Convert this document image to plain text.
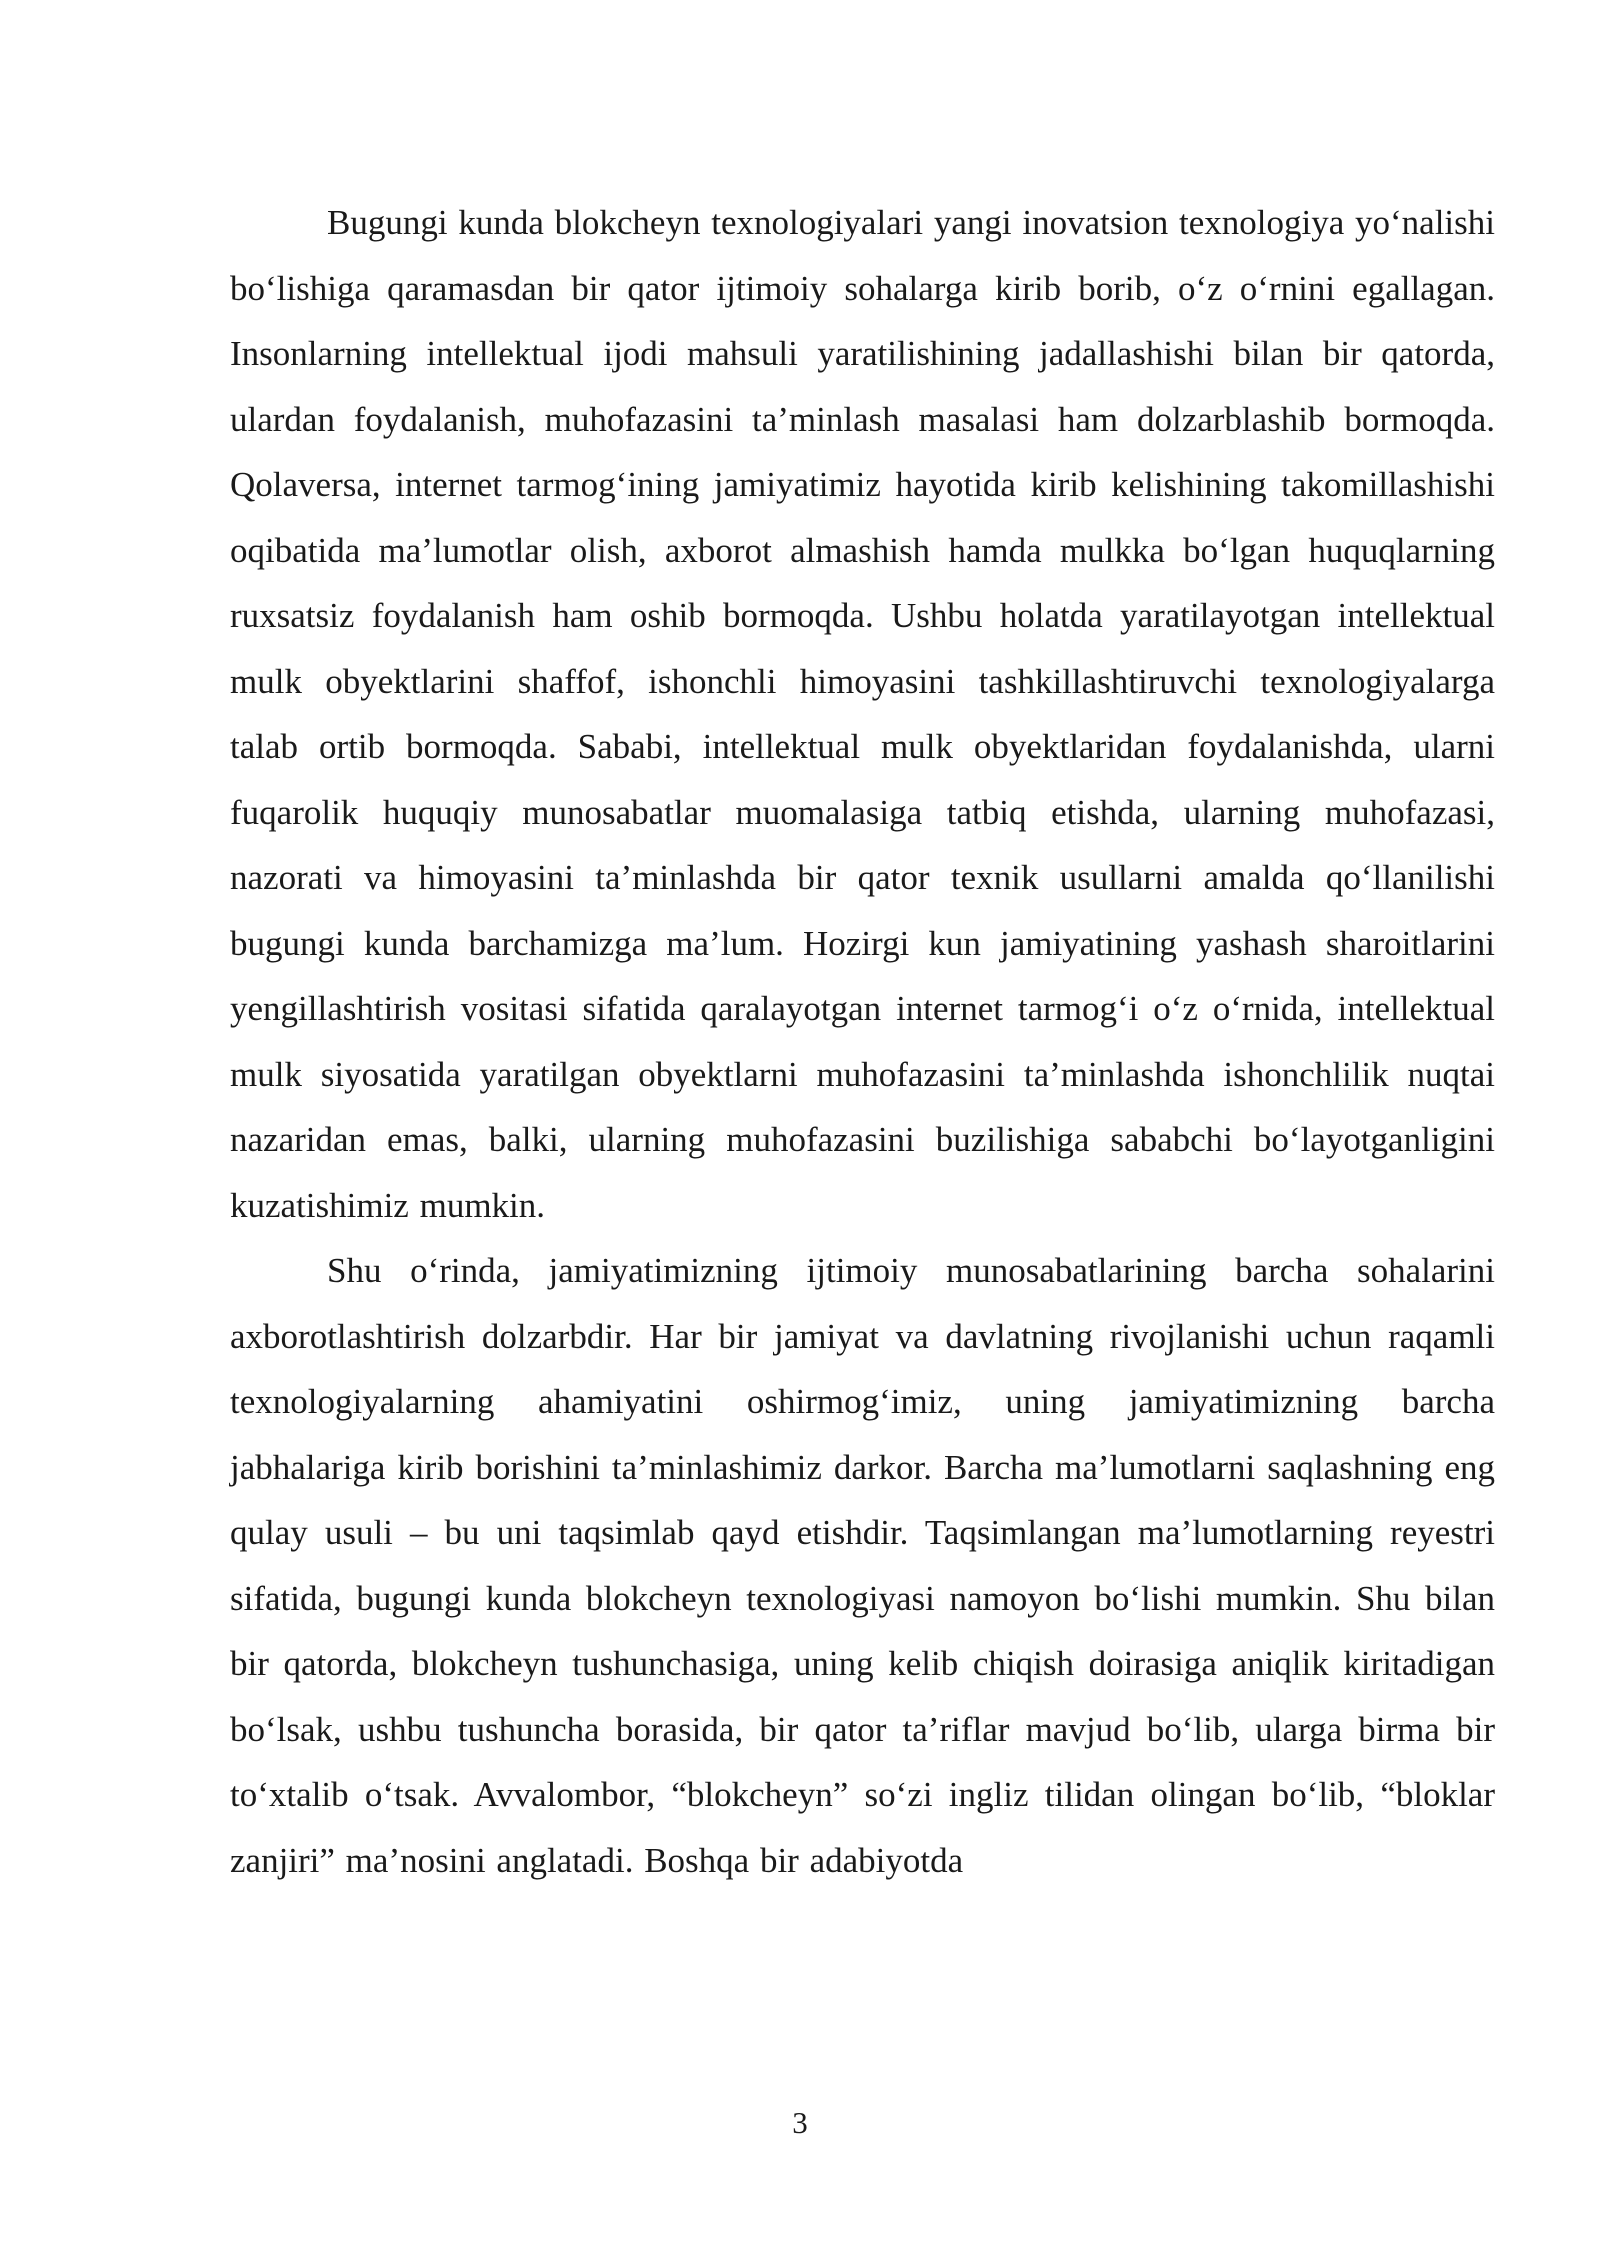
Bugungi kunda blokcheyn texnologiyalari yangi inovatsion texnologiya yo‘nalishi bo‘lishiga qaramasdan bir qator ijtimoiy sohalarga kirib borib, o‘z o‘rnini egallagan. Insonlarning intellektual ijodi mahsuli yaratilishining jadallashishi bilan bir qatorda, ulardan foydalanish, muhofazasini ta’minlash masalasi ham dolzarblashib bormoqda. Qolaversa, internet tarmog‘ining jamiyatimiz hayotida kirib kelishining takomillashishi oqibatida ma’lumotlar olish, axborot almashish hamda mulkka bo‘lgan huquqlarning ruxsatsiz foydalanish ham oshib bormoqda. Ushbu holatda yaratilayotgan intellektual mulk obyektlarini shaffof, ishonchli himoyasini tashkillashtiruvchi texnologiyalarga talab ortib bormoqda. Sababi, intellektual mulk obyektlaridan foydalanishda, ularni fuqarolik huquqiy munosabatlar muomalasiga tatbiq etishda, ularning muhofazasi, nazorati va himoyasini ta’minlashda bir qator texnik usullarni amalda qo‘llanilishi bugungi kunda barchamizga ma’lum. Hozirgi kun jamiyatining yashash sharoitlarini yengillashtirish vositasi sifatida qaralayotgan internet tarmog‘i o‘z o‘rnida, intellektual mulk siyosatida yaratilgan obyektlarni muhofazasini ta’minlashda ishonchlilik nuqtai nazaridan emas, balki, ularning muhofazasini buzilishiga sababchi bo‘layotganligini kuzatishimiz mumkin.

Shu o‘rinda, jamiyatimizning ijtimoiy munosabatlarining barcha sohalarini axborotlashtirish dolzarbdir. Har bir jamiyat va davlatning rivojlanishi uchun raqamli texnologiyalarning ahamiyatini oshirmog‘imiz, uning jamiyatimizning barcha jabhalariga kirib borishini ta’minlashimiz darkor. Barcha ma’lumotlarni saqlashning eng qulay usuli – bu uni taqsimlab qayd etishdir. Taqsimlangan ma’lumotlarning reyestri sifatida, bugungi kunda blokcheyn texnologiyasi namoyon bo‘lishi mumkin. Shu bilan bir qatorda, blokcheyn tushunchasiga, uning kelib chiqish doirasiga aniqlik kiritadigan bo‘lsak, ushbu tushuncha borasida, bir qator ta’riflar mavjud bo‘lib, ularga birma bir to‘xtalib o‘tsak. Avvalombor, “blokcheyn” so‘zi ingliz tilidan olingan bo‘lib, “bloklar zanjiri” ma’nosini anglatadi. Boshqa bir adabiyotda

3
